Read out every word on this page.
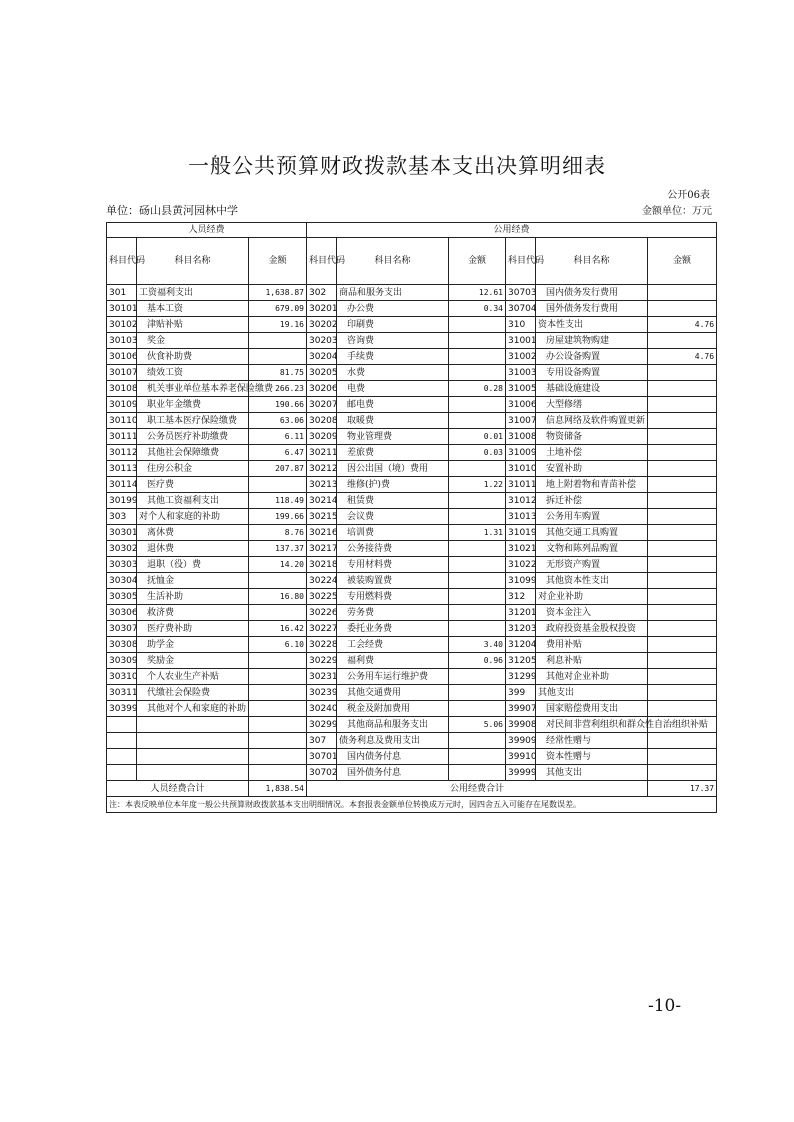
一般公共预算财政拨款基本支出决算明细表
公开06表
单位：砀山县黄河园林中学	金额单位：万元
人员经费			公用经费					
科目代码	科目名称	金额	科目代码	科目名称	金额	科目代码	科目名称	金额
301	工资福利支出	1,638.87	302	商品和服务支出	12.61	30703	国内债务发行费用	
30101	基本工资	679.09	30201	办公费	0.34	30704	国外债务发行费用	
30102	津贴补贴	19.16	30202	印刷费		310	资本性支出	4.76
30103	奖金		30203	咨询费		31001	房屋建筑物购建	
30106	伙食补助费		30204	手续费		31002	办公设备购置	4.76
30107	绩效工资	81.75	30205	水费		31003	专用设备购置	
30108	机关事业单位基本养老保险缴费	266.23	30206	电费	0.28	31005	基础设施建设	
30109	职业年金缴费	190.66	30207	邮电费		31006	大型修缮	
30110	职工基本医疗保险缴费	63.06	30208	取暖费		31007	信息网络及软件购置更新	
30111	公务员医疗补助缴费	6.11	30209	物业管理费	0.01	31008	物资储备	
30112	其他社会保障缴费	6.47	30211	差旅费	0.03	31009	土地补偿	
30113	住房公积金	207.87	30212	因公出国（境）费用		31010	安置补助	
30114	医疗费		30213	维修(护)费	1.22	31011	地上附着物和青苗补偿	
30199	其他工资福利支出	118.49	30214	租赁费		31012	拆迁补偿	
303	对个人和家庭的补助	199.66	30215	会议费		31013	公务用车购置	
30301	离休费	8.76	30216	培训费	1.31	31019	其他交通工具购置	
30302	退休费	137.37	30217	公务接待费		31021	文物和陈列品购置	
30303	退职（役）费	14.20	30218	专用材料费		31022	无形资产购置	
30304	抚恤金		30224	被装购置费		31099	其他资本性支出	
30305	生活补助	16.80	30225	专用燃料费		312	对企业补助	
30306	救济费		30226	劳务费		31201	资本金注入	
30307	医疗费补助	16.42	30227	委托业务费		31203	政府投资基金股权投资	
30308	助学金	6.10	30228	工会经费	3.40	31204	费用补贴	
30309	奖励金		30229	福利费	0.96	31205	利息补贴	
30310	个人农业生产补贴		30231	公务用车运行维护费		31299	其他对企业补助	
30311	代缴社会保险费		30239	其他交通费用		399	其他支出	
30399	其他对个人和家庭的补助		30240	税金及附加费用		39907	国家赔偿费用支出	
			30299	其他商品和服务支出	5.06	39908	对民间非营利组织和群众性自治组织补贴	
			307	债务利息及费用支出		39909	经常性赠与	
			30701	国内债务付息		39910	资本性赠与	
			30702	国外债务付息		39999	其他支出	
人员经费合计		1,838.54	公用经费合计					17.37
注：本表反映单位本年度一般公共预算财政拨款基本支出明细情况。本套报表金额单位转换成万元时，因四舍五入可能存在尾数误差。								
-10-
